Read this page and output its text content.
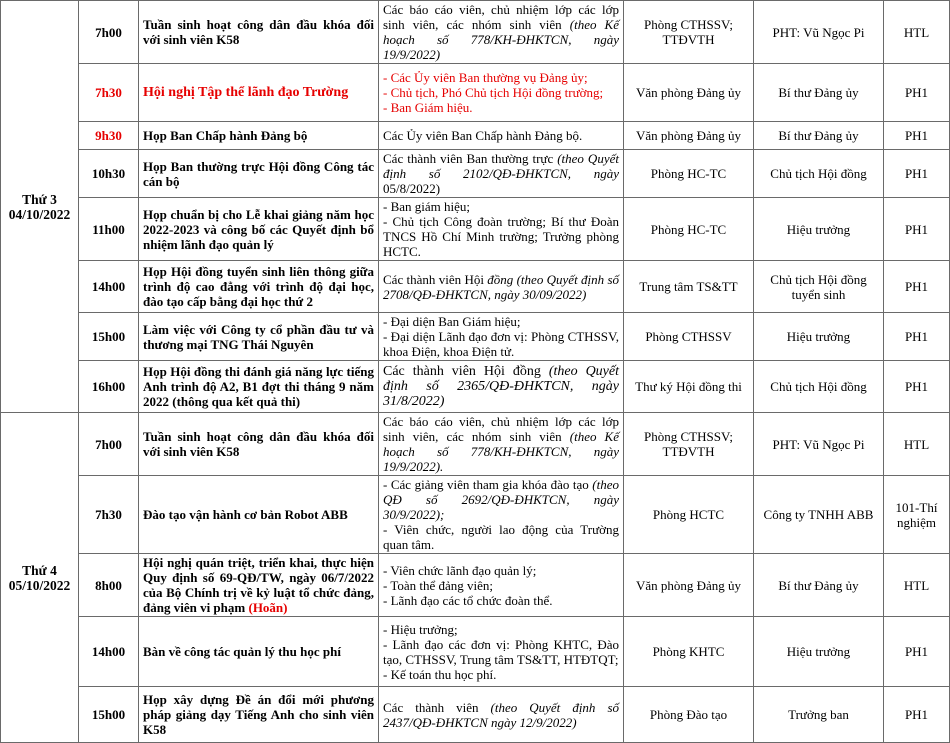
Thứ 3
04/10/2022	7h00	Tuần sinh hoạt công dân đầu khóa đối với sinh viên K58	Các báo cáo viên, chủ nhiệm lớp các lớp sinh viên, các nhóm sinh viên (theo Kế hoạch số 778/KH-ĐHKTCN, ngày 19/9/2022)	Phòng CTHSSV; TTĐVTH	PHT: Vũ Ngọc Pi	HTL
	7h30	Hội nghị Tập thể lãnh đạo Trường	- Các Ủy viên Ban thường vụ Đảng ủy;
- Chủ tịch, Phó Chủ tịch Hội đồng trường;
- Ban Giám hiệu.	Văn phòng Đảng ủy	Bí thư Đảng ủy	PH1
	9h30	Họp Ban Chấp hành Đảng bộ	Các Ủy viên Ban Chấp hành Đảng bộ.	Văn phòng Đảng ủy	Bí thư Đảng ủy	PH1
	10h30	Họp Ban thường trực Hội đồng Công tác cán bộ	Các thành viên Ban thường trực (theo Quyết định số 2102/QĐ-ĐHKTCN, ngày 05/8/2022)	Phòng HC-TC	Chủ tịch Hội đồng	PH1
	11h00	Họp chuẩn bị cho Lễ khai giảng năm học 2022-2023 và công bố các Quyết định bổ nhiệm lãnh đạo quản lý	- Ban giám hiệu;
- Chủ tịch Công đoàn trường; Bí thư Đoàn TNCS Hồ Chí Minh trường; Trưởng phòng HCTC.	Phòng HC-TC	Hiệu trưởng	PH1
	14h00	Họp Hội đồng tuyển sinh liên thông giữa trình độ cao đẳng với trình độ đại học, đào tạo cấp bằng đại học thứ 2	Các thành viên Hội đồng (theo Quyết định số 2708/QĐ-ĐHKTCN, ngày 30/09/2022)	Trung tâm TS&TT	Chủ tịch Hội đồng tuyển sinh	PH1
	15h00	Làm việc với Công ty cổ phần đầu tư và thương mại TNG Thái Nguyên	- Đại diện Ban Giám hiệu;
- Đại diện Lãnh đạo đơn vị: Phòng CTHSSV, khoa Điện, khoa Điện tử.	Phòng CTHSSV	Hiệu trưởng	PH1
	16h00	Họp Hội đồng thi đánh giá năng lực tiếng Anh trình độ A2, B1 đợt thi tháng 9 năm 2022 (thông qua kết quả thi)	Các thành viên Hội đồng (theo Quyết định số 2365/QĐ-ĐHKTCN, ngày 31/8/2022)	Thư ký Hội đồng thi	Chủ tịch Hội đồng	PH1

Thứ 4
05/10/2022	7h00	Tuần sinh hoạt công dân đầu khóa đối với sinh viên K58	Các báo cáo viên, chủ nhiệm lớp các lớp sinh viên, các nhóm sinh viên (theo Kế hoạch số 778/KH-ĐHKTCN, ngày 19/9/2022).	Phòng CTHSSV; TTĐVTH	PHT: Vũ Ngọc Pi	HTL
	7h30	Đào tạo vận hành cơ bản Robot ABB	- Các giảng viên tham gia khóa đào tạo (theo QĐ số 2692/QĐ-ĐHKTCN, ngày 30/9/2022);
- Viên chức, người lao động của Trường quan tâm.	Phòng HCTC	Công ty TNHH ABB	101-Thí nghiệm
	8h00	Hội nghị quán triệt, triển khai, thực hiện Quy định số 69-QĐ/TW, ngày 06/7/2022 của Bộ Chính trị về kỷ luật tổ chức đảng, đảng viên vi phạm (Hoãn)	- Viên chức lãnh đạo quản lý;
- Toàn thể đảng viên;
- Lãnh đạo các tổ chức đoàn thể.	Văn phòng Đảng ủy	Bí thư Đảng ủy	HTL
	14h00	Bàn về công tác quản lý thu học phí	- Hiệu trưởng;
- Lãnh đạo các đơn vị: Phòng KHTC, Đào tạo, CTHSSV, Trung tâm TS&TT, HTĐTQT;
- Kế toán thu học phí.	Phòng KHTC	Hiệu trưởng	PH1
	15h00	Họp xây dựng Đề án đổi mới phương pháp giảng dạy Tiếng Anh cho sinh viên K58	Các thành viên (theo Quyết định số 2437/QĐ-ĐHKTCN ngày 12/9/2022)	Phòng Đào tạo	Trưởng ban	PH1
